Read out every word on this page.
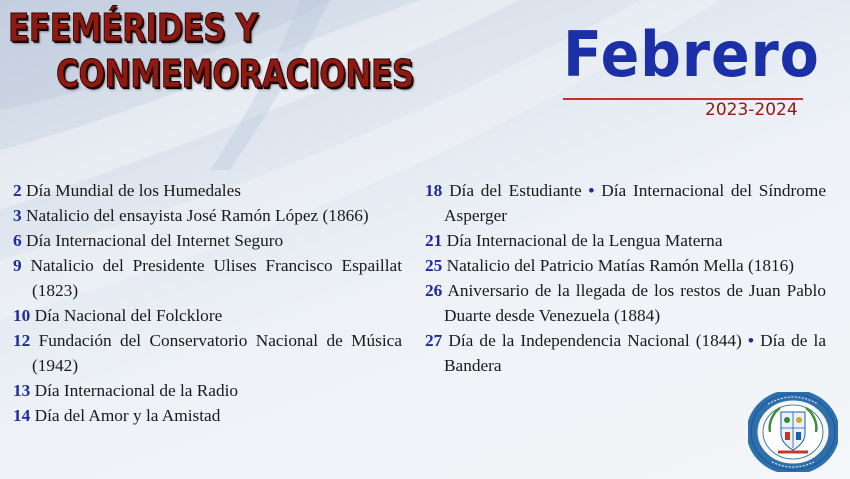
EFEMÉRIDES Y
CONMEMORACIONES Febrero
2023-2024
2 Día Mundial de los Humedales
3 Natalicio del ensayista José Ramón López (1866)
6 Día Internacional del Internet Seguro
9 Natalicio del Presidente Ulises Francisco Espaillat (1823)
10 Día Nacional del Folcklore
12 Fundación del Conservatorio Nacional de Música (1942)
13 Día Internacional de la Radio
14 Día del Amor y la Amistad
18 Día del Estudiante • Día Internacional del Síndrome Asperger
21 Día Internacional de la Lengua Materna
25 Natalicio del Patricio Matías Ramón Mella (1816)
26 Aniversario de la llegada de los restos de Juan Pablo Duarte desde Venezuela (1884)
27 Día de la Independencia Nacional (1844) • Día de la Bandera
